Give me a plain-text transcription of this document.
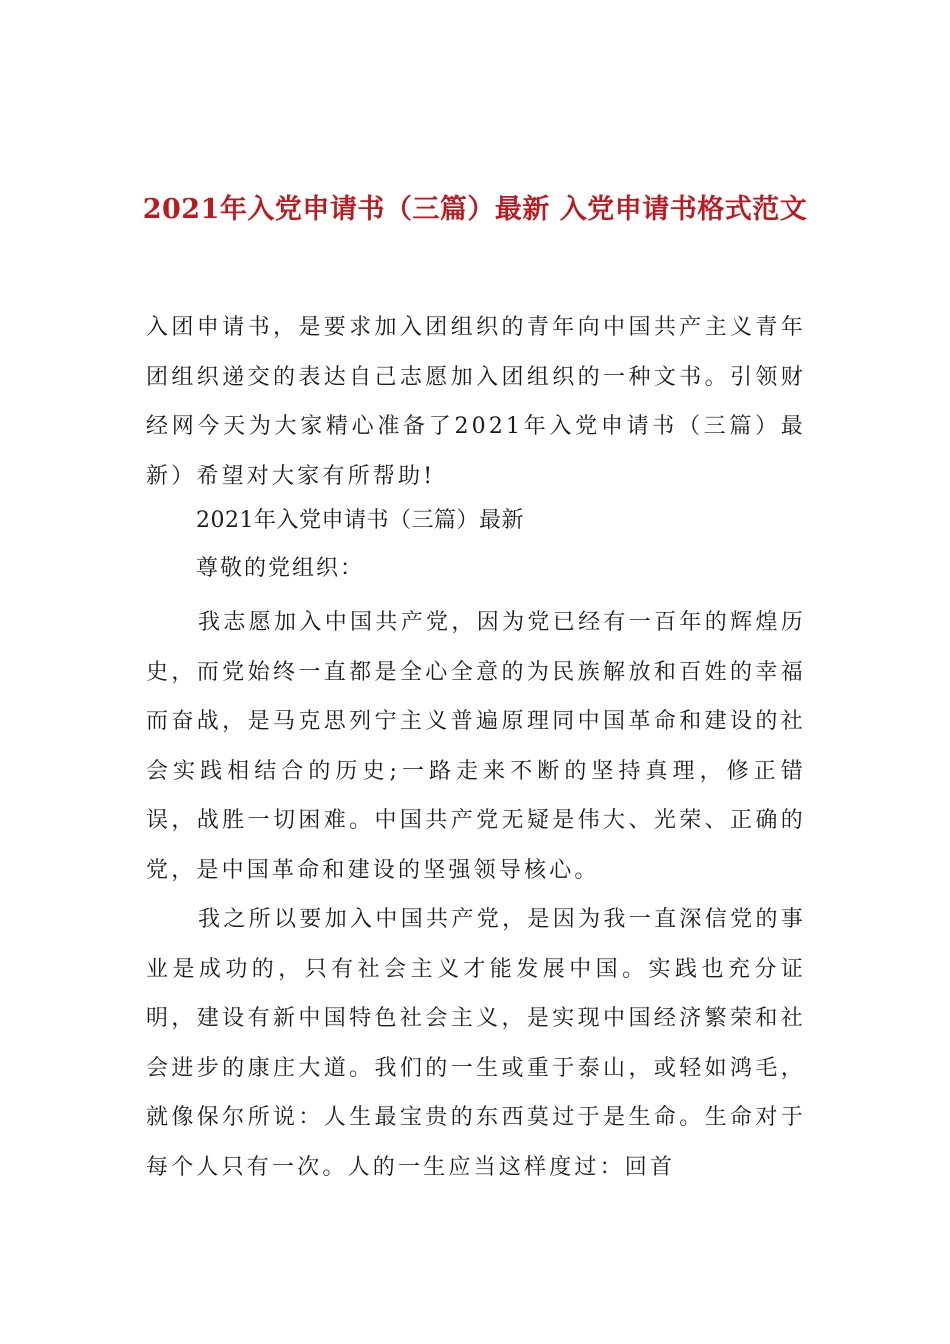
2021年入党申请书（三篇）最新 入党申请书格式范文

入团申请书，是要求加入团组织的青年向中国共产主义青年团组织递交的表达自己志愿加入团组织的一种文书。引领财经网今天为大家精心准备了2021年入党申请书（三篇）最新）希望对大家有所帮助!

2021年入党申请书（三篇）最新

尊敬的党组织：

我志愿加入中国共产党，因为党已经有一百年的辉煌历史，而党始终一直都是全心全意的为民族解放和百姓的幸福而奋战，是马克思列宁主义普遍原理同中国革命和建设的社会实践相结合的历史;一路走来不断的坚持真理，修正错误，战胜一切困难。中国共产党无疑是伟大、光荣、正确的党，是中国革命和建设的坚强领导核心。

我之所以要加入中国共产党，是因为我一直深信党的事业是成功的，只有社会主义才能发展中国。实践也充分证明，建设有新中国特色社会主义，是实现中国经济繁荣和社会进步的康庄大道。我们的一生或重于泰山，或轻如鸿毛，就像保尔所说：人生最宝贵的东西莫过于是生命。生命对于每个人只有一次。人的一生应当这样度过：回首
